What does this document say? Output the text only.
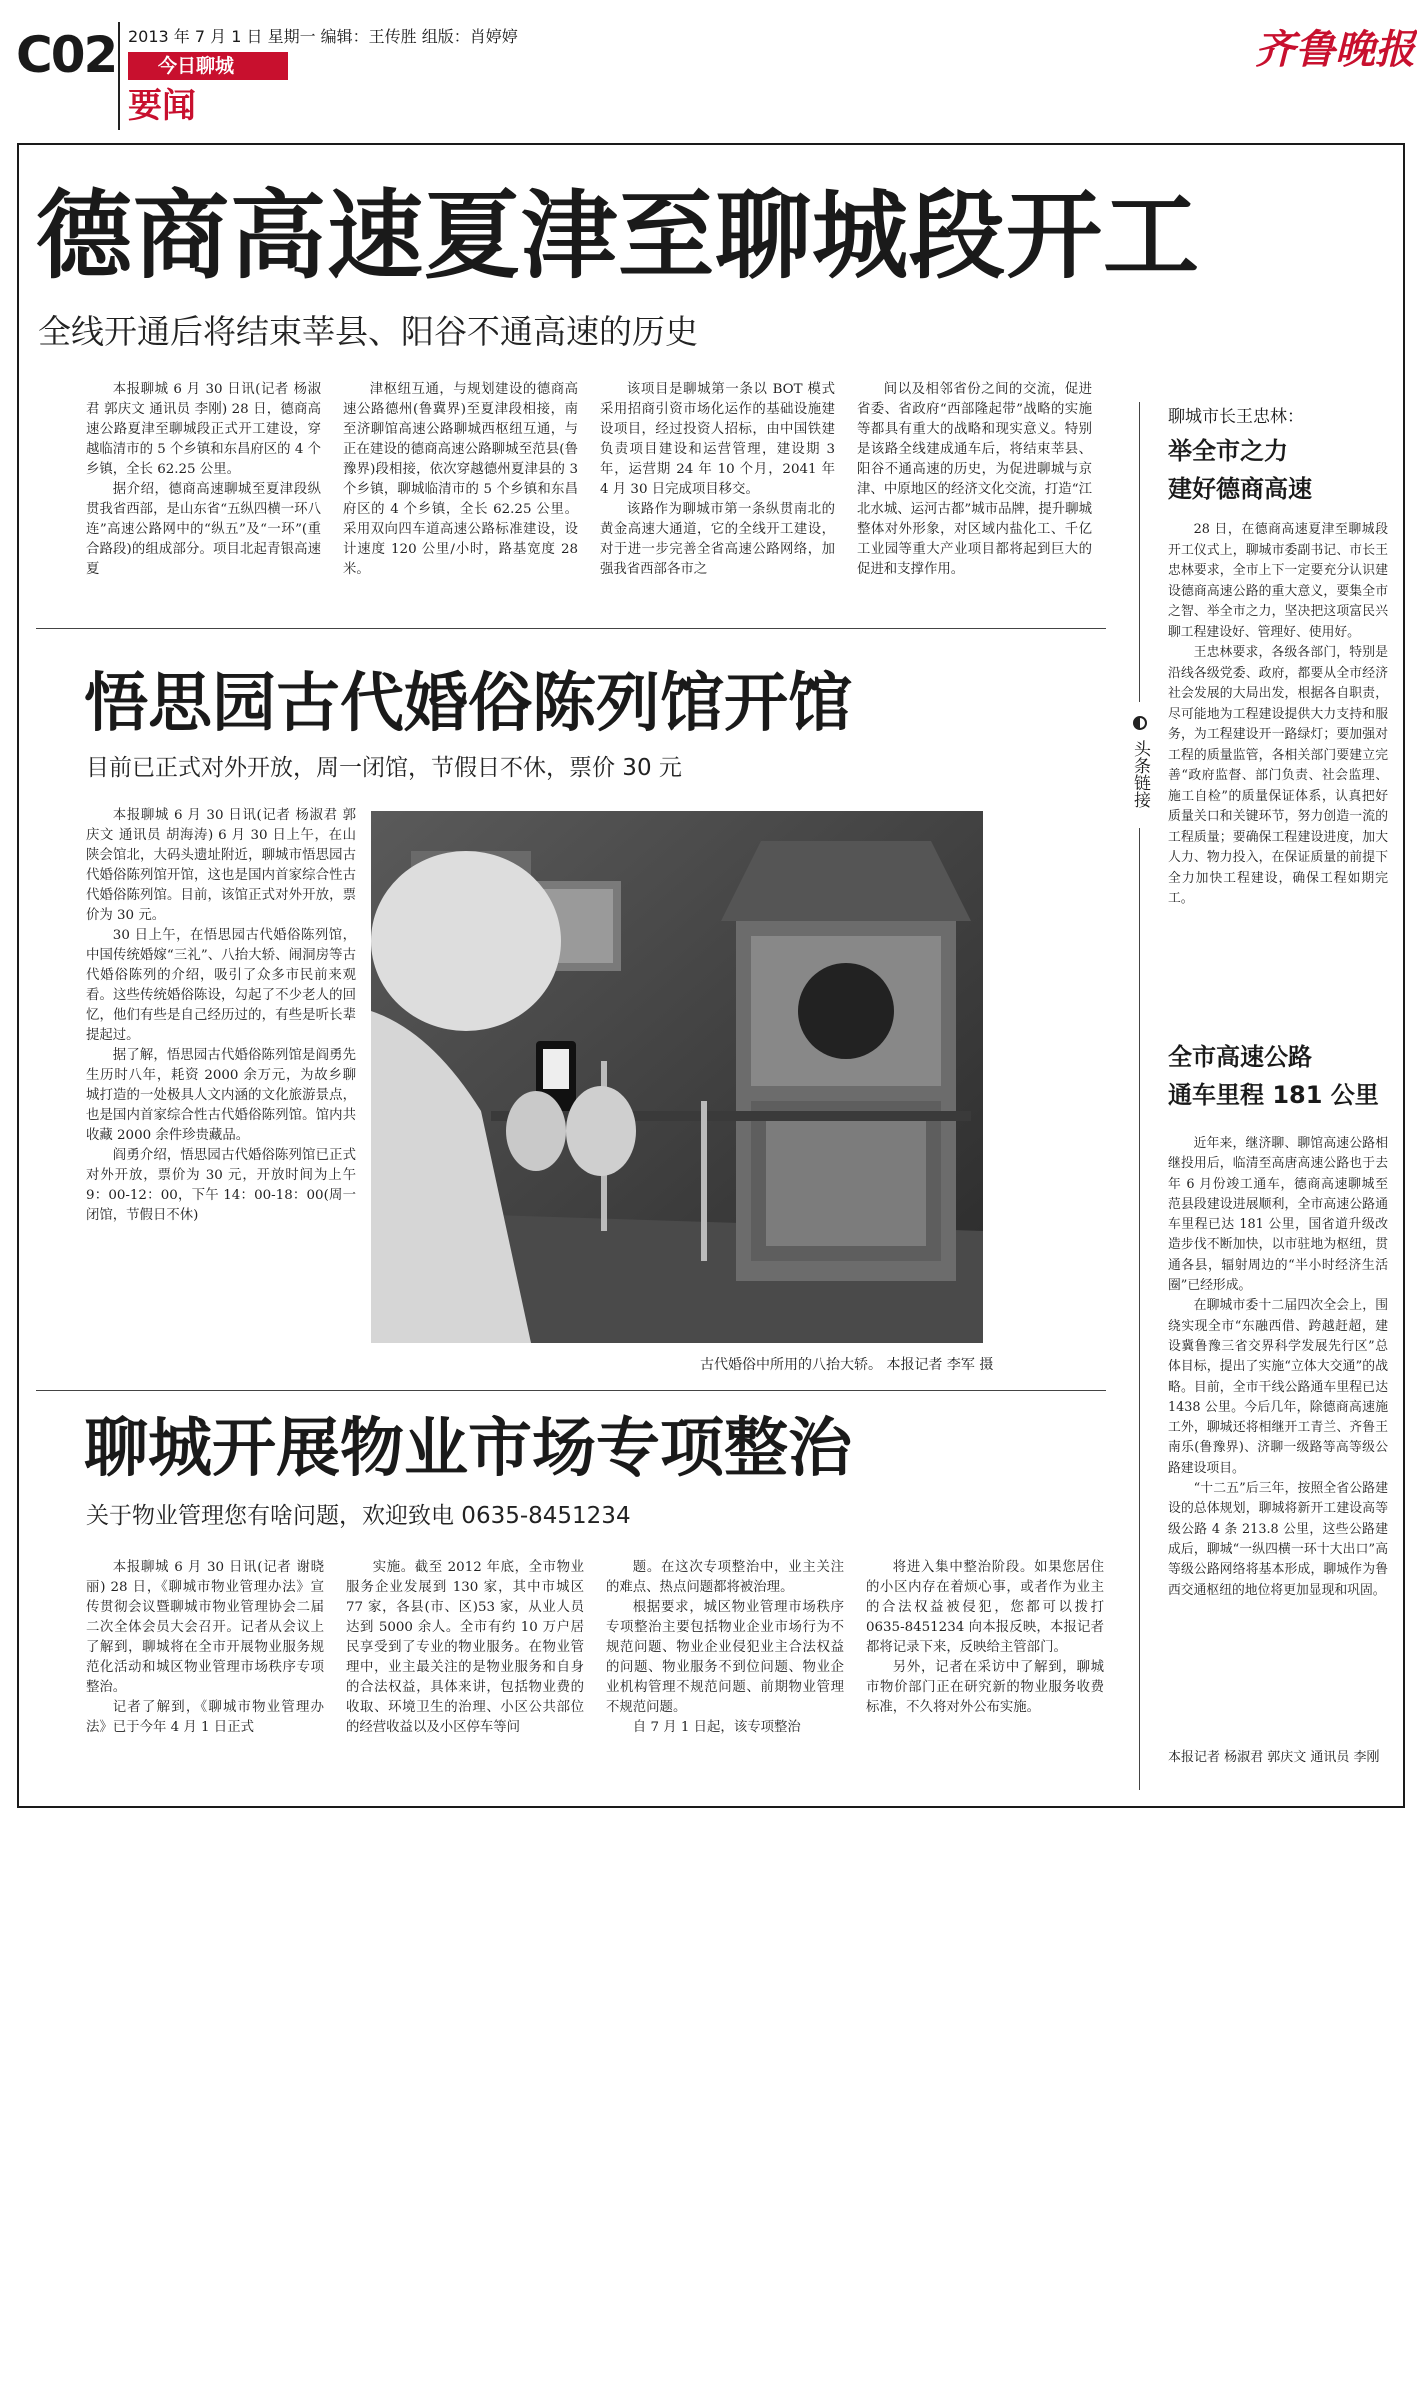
C02 2013 年 7 月 1 日 星期一 编辑：王传胜 组版：肖婷婷
今日聊城
要闻
齐鲁晚报
德商高速夏津至聊城段开工
全线开通后将结束莘县、阳谷不通高速的历史

本报聊城 6 月 30 日讯(记者 杨淑君 郭庆文 通讯员 李刚) 28 日，德商高速公路夏津至聊城段正式开工建设，穿越临清市的 5 个乡镇和东昌府区的 4 个乡镇，全长 62.25 公里。

据介绍，德商高速聊城至夏津段纵贯我省西部，是山东省“五纵四横一环八连”高速公路网中的“纵五”及“一环”(重合路段)的组成部分。项目北起青银高速夏

津枢纽互通，与规划建设的德商高速公路德州(鲁冀界)至夏津段相接，南至济聊馆高速公路聊城西枢纽互通，与正在建设的德商高速公路聊城至范县(鲁豫界)段相接，依次穿越德州夏津县的 3 个乡镇，聊城临清市的 5 个乡镇和东昌府区的 4 个乡镇，全长 62.25 公里。采用双向四车道高速公路标准建设，设计速度 120 公里/小时，路基宽度 28 米。

该项目是聊城第一条以 BOT 模式采用招商引资市场化运作的基础设施建设项目，经过投资人招标，由中国铁建负责项目建设和运营管理，建设期 3 年，运营期 24 年 10 个月，2041 年 4 月 30 日完成项目移交。

该路作为聊城市第一条纵贯南北的黄金高速大通道，它的全线开工建设，对于进一步完善全省高速公路网络，加强我省西部各市之

间以及相邻省份之间的交流，促进省委、省政府“西部隆起带”战略的实施等都具有重大的战略和现实意义。特别是该路全线建成通车后，将结束莘县、阳谷不通高速的历史，为促进聊城与京津、中原地区的经济文化交流，打造“江北水城、运河古都”城市品牌，提升聊城整体对外形象，对区域内盐化工、千亿工业园等重大产业项目都将起到巨大的促进和支撑作用。

头条链接
聊城市长王忠林：
举全市之力
建好德商高速

28 日，在德商高速夏津至聊城段开工仪式上，聊城市委副书记、市长王忠林要求，全市上下一定要充分认识建设德商高速公路的重大意义，要集全市之智、举全市之力，坚决把这项富民兴聊工程建设好、管理好、使用好。

王忠林要求，各级各部门，特别是沿线各级党委、政府，都要从全市经济社会发展的大局出发，根据各自职责，尽可能地为工程建设提供大力支持和服务，为工程建设开一路绿灯；要加强对工程的质量监管，各相关部门要建立完善“政府监督、部门负责、社会监理、施工自检”的质量保证体系，认真把好质量关口和关键环节，努力创造一流的工程质量；要确保工程建设进度，加大人力、物力投入，在保证质量的前提下全力加快工程建设，确保工程如期完工。

全市高速公路
通车里程 181 公里

近年来，继济聊、聊馆高速公路相继投用后，临清至高唐高速公路也于去年 6 月份竣工通车，德商高速聊城至范县段建设进展顺利，全市高速公路通车里程已达 181 公里，国省道升级改造步伐不断加快，以市驻地为枢纽，贯通各县，辐射周边的“半小时经济生活圈”已经形成。

在聊城市委十二届四次全会上，围绕实现全市“东融西借、跨越赶超，建设冀鲁豫三省交界科学发展先行区”总体目标，提出了实施“立体大交通”的战略。目前，全市干线公路通车里程已达 1438 公里。今后几年，除德商高速施工外，聊城还将相继开工青兰、齐鲁王南乐(鲁豫界)、济聊一级路等高等级公路建设项目。

“十二五”后三年，按照全省公路建设的总体规划，聊城将新开工建设高等级公路 4 条 213.8 公里，这些公路建成后，聊城“一纵四横一环十大出口”高等级公路网络将基本形成，聊城作为鲁西交通枢纽的地位将更加显现和巩固。

本报记者 杨淑君 郭庆文 通讯员 李刚
悟思园古代婚俗陈列馆开馆
目前已正式对外开放，周一闭馆，节假日不休，票价 30 元

本报聊城 6 月 30 日讯(记者 杨淑君 郭庆文 通讯员 胡海涛) 6 月 30 日上午，在山陕会馆北，大码头遗址附近，聊城市悟思园古代婚俗陈列馆开馆，这也是国内首家综合性古代婚俗陈列馆。目前，该馆正式对外开放，票价为 30 元。

30 日上午，在悟思园古代婚俗陈列馆，中国传统婚嫁“三礼”、八抬大轿、闹洞房等古代婚俗陈列的介绍，吸引了众多市民前来观看。这些传统婚俗陈设，勾起了不少老人的回忆，他们有些是自己经历过的，有些是听长辈提起过。

据了解，悟思园古代婚俗陈列馆是阎勇先生历时八年，耗资 2000 余万元，为故乡聊城打造的一处极具人文内涵的文化旅游景点，也是国内首家综合性古代婚俗陈列馆。馆内共收藏 2000 余件珍贵藏品。

阎勇介绍，悟思园古代婚俗陈列馆已正式对外开放，票价为 30 元，开放时间为上午 9：00-12：00，下午 14：00-18：00(周一闭馆，节假日不休)

古代婚俗中所用的八抬大轿。 本报记者 李军 摄
聊城开展物业市场专项整治
关于物业管理您有啥问题，欢迎致电 0635-8451234

本报聊城 6 月 30 日讯(记者 谢晓丽) 28 日，《聊城市物业管理办法》宣传贯彻会议暨聊城市物业管理协会二届二次全体会员大会召开。记者从会议上了解到，聊城将在全市开展物业服务规范化活动和城区物业管理市场秩序专项整治。

记者了解到，《聊城市物业管理办法》已于今年 4 月 1 日正式

实施。截至 2012 年底，全市物业服务企业发展到 130 家，其中市城区 77 家，各县(市、区)53 家，从业人员达到 5000 余人。全市有约 10 万户居民享受到了专业的物业服务。在物业管理中，业主最关注的是物业服务和自身的合法权益，具体来讲，包括物业费的收取、环境卫生的治理、小区公共部位的经营收益以及小区停车等问

题。在这次专项整治中，业主关注的难点、热点问题都将被治理。

根据要求，城区物业管理市场秩序专项整治主要包括物业企业市场行为不规范问题、物业企业侵犯业主合法权益的问题、物业服务不到位问题、物业企业机构管理不规范问题、前期物业管理不规范问题。

自 7 月 1 日起，该专项整治

将进入集中整治阶段。如果您居住的小区内存在着烦心事，或者作为业主的合法权益被侵犯，您都可以拨打 0635-8451234 向本报反映，本报记者都将记录下来，反映给主管部门。

另外，记者在采访中了解到，聊城市物价部门正在研究新的物业服务收费标准，不久将对外公布实施。
